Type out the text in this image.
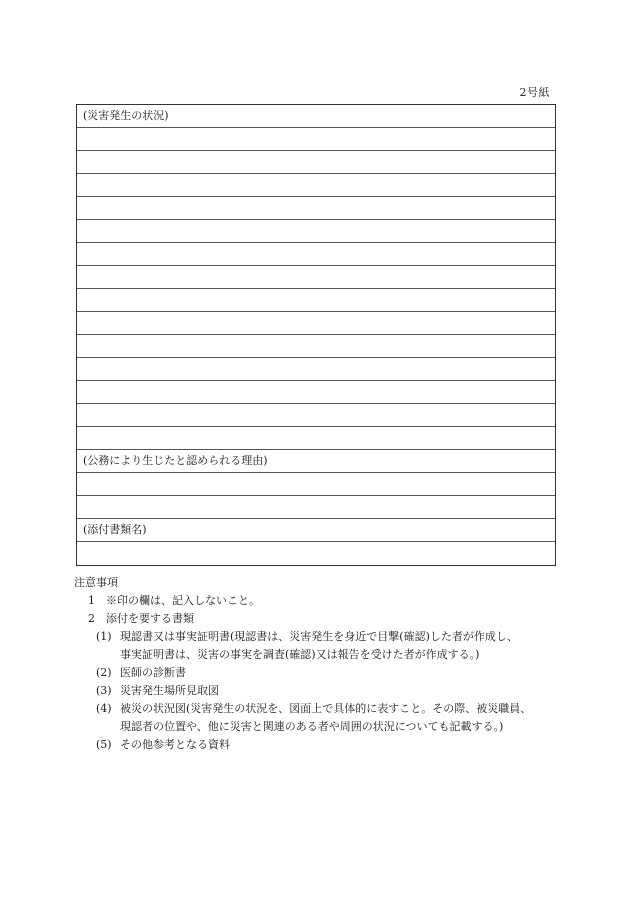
2号紙
(災害発生の状況)
(公務により生じたと認められる理由)
(添付書類名)
注意事項
1 ※印の欄は、記入しないこと。
2 添付を要する書類
(1) 現認書又は事実証明書(現認書は、災害発生を身近で目撃(確認)した者が作成し、
事実証明書は、災害の事実を調査(確認)又は報告を受けた者が作成する。)
(2) 医師の診断書
(3) 災害発生場所見取図
(4) 被災の状況図(災害発生の状況を、図面上で具体的に表すこと。その際、被災職員、
現認者の位置や、他に災害と関連のある者や周囲の状況についても記載する。)
(5) その他参考となる資料
